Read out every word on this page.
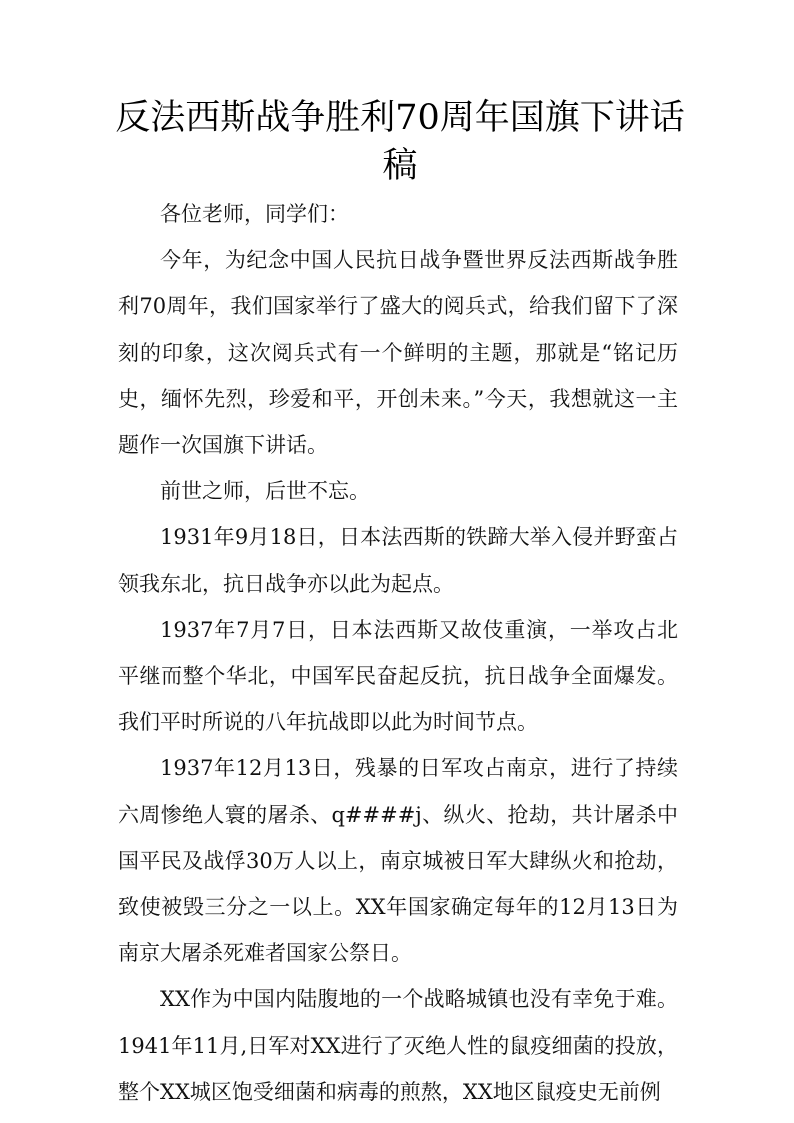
反法西斯战争胜利70周年国旗下讲话稿

各位老师，同学们：

今年，为纪念中国人民抗日战争暨世界反法西斯战争胜利70周年，我们国家举行了盛大的阅兵式，给我们留下了深刻的印象，这次阅兵式有一个鲜明的主题，那就是“铭记历史，缅怀先烈，珍爱和平，开创未来。”今天，我想就这一主题作一次国旗下讲话。

前世之师，后世不忘。

1931年9月18日，日本法西斯的铁蹄大举入侵并野蛮占领我东北，抗日战争亦以此为起点。

1937年7月7日，日本法西斯又故伎重演，一举攻占北平继而整个华北，中国军民奋起反抗，抗日战争全面爆发。我们平时所说的八年抗战即以此为时间节点。

1937年12月13日，残暴的日军攻占南京，进行了持续六周惨绝人寰的屠杀、q####j、纵火、抢劫，共计屠杀中国平民及战俘30万人以上，南京城被日军大肆纵火和抢劫，致使被毁三分之一以上。XX年国家确定每年的12月13日为南京大屠杀死难者国家公祭日。

XX作为中国内陆腹地的一个战略城镇也没有幸免于难。1941年11月,日军对XX进行了灭绝人性的鼠疫细菌的投放，整个XX城区饱受细菌和病毒的煎熬，XX地区鼠疫史无前例
